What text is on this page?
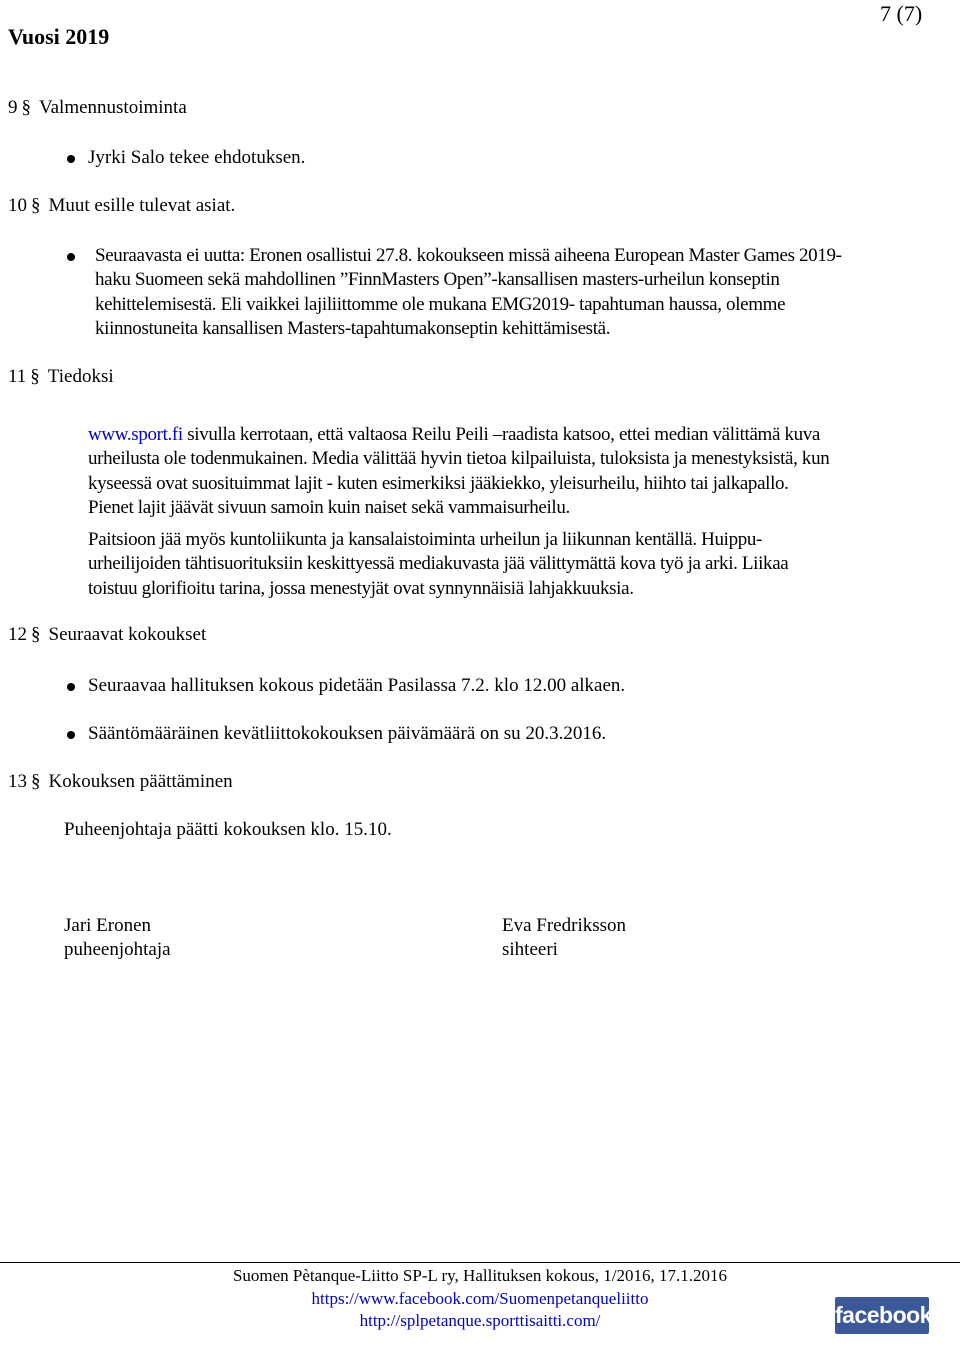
Vuosi 2019
7 (7)
9 § Valmennustoiminta
Jyrki Salo tekee ehdotuksen.
10 § Muut esille tulevat asiat.
Seuraavasta ei uutta: Eronen osallistui 27.8. kokoukseen missä aiheena European Master Games 2019-
haku Suomeen sekä mahdollinen ”FinnMasters Open”-kansallisen masters-urheilun konseptin
kehittelemisestä. Eli vaikkei lajiliittomme ole mukana EMG2019- tapahtuman haussa, olemme
kiinnostuneita kansallisen Masters-tapahtumakonseptin kehittämisestä.
11 § Tiedoksi
www.sport.fi sivulla kerrotaan, että valtaosa Reilu Peili –raadista katsoo, ettei median välittämä kuva
urheilusta ole todenmukainen. Media välittää hyvin tietoa kilpailuista, tuloksista ja menestyksistä, kun
kyseessä ovat suosituimmat lajit - kuten esimerkiksi jääkiekko, yleisurheilu, hiihto tai jalkapallo.
Pienet lajit jäävät sivuun samoin kuin naiset sekä vammaisurheilu.
Paitsioon jää myös kuntoliikunta ja kansalaistoiminta urheilun ja liikunnan kentällä. Huippu-
urheilijoiden tähtisuorituksiin keskittyessä mediakuvasta jää välittymättä kova työ ja arki. Liikaa
toistuu glorifioitu tarina, jossa menestyjät ovat synnynnäisiä lahjakkuuksia.
12 § Seuraavat kokoukset
Seuraavaa hallituksen kokous pidetään Pasilassa 7.2. klo 12.00 alkaen.
Sääntömääräinen kevätliittokokouksen päivämäärä on su 20.3.2016.
13 § Kokouksen päättäminen
Puheenjohtaja päätti kokouksen klo. 15.10.
Jari Eronen
puheenjohtaja
Eva Fredriksson
sihteeri
Suomen Pètanque-Liitto SP-L ry, Hallituksen kokous, 1/2016, 17.1.2016
https://www.facebook.com/Suomenpetanqueliitto
http://splpetanque.sporttisaitti.com/	facebook
